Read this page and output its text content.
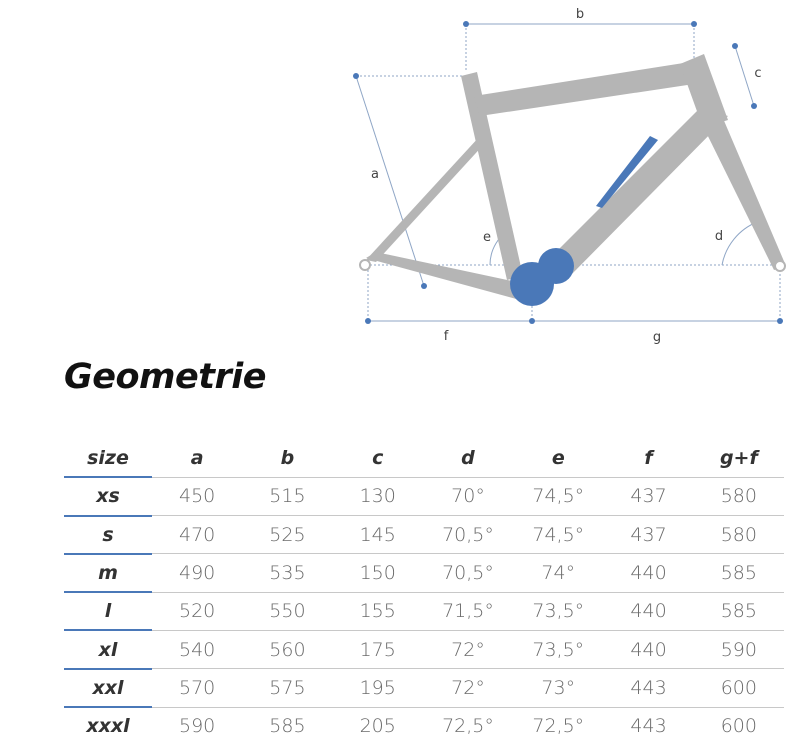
b
c
a
e	d
f	g
Geometrie
size	a	b	c	d	e	f	g+f
xs	450	515	130	70°	74,5°	437	580
s	470	525	145	70,5°	74,5°	437	580
m	490	535	150	70,5°	74°	440	585
l	520	550	155	71,5°	73,5°	440	585
xl	540	560	175	72°	73,5°	440	590
xxl	570	575	195	72°	73°	443	600
xxxl	590	585	205	72,5°	72,5°	443	600
